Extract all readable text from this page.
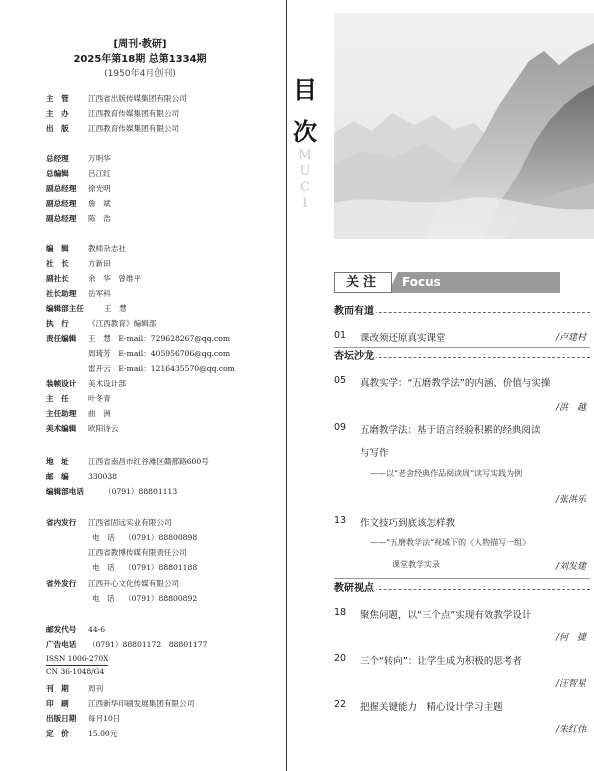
[周刊·教研]
2025年第18期 总第1334期
(1950年4月创刊)
主　管	江西省出版传媒集团有限公司
主　办	江西教育传媒集团有限公司
出　版	江西教育传媒集团有限公司
总经理	万明华
总编辑	吕江红
副总经理 徐光明
副总经理 詹　斌
副总经理 陈　浩
编　辑	教师杂志社
社　长	方新田
副社长	余　华　曾维平
社长助理 岳军科
编辑部主任	王　慧
执　行	《江西教育》编辑部
责任编辑 王　慧　E-mail：729628267@qq.com
周琦芳　E-mail：405956706@qq.com
雷开云　E-mail：1216435570@qq.com
装帧设计 美术设计部
主　任	叶冬青
主任助理 曲　洲
美术编辑 欧阳诗云
地　址	江西省南昌市红谷滩区赣都路600号
邮　编	330038
编辑部电话	（0791）88801113
省内发行 江西省固远实业有限公司
电　话 （0791）88800898
江西省教博传媒有限责任公司
电　话 （0791）88801188
省外发行 江西开心文化传媒有限公司
电　话 （0791）88800892
邮发代号 44-6
广告电话 （0791）88801172　88801177
ISSN 1006-270X
CN 36-1048/G4
刊　期	周刊
印　刷	江西新华印刷发展集团有限公司
出版日期 每月10日
定　价	15.00元
目
次
M
U
C
I
Focus
关注
教而有道
01	课改须还原真实课堂	/卢建村
杏坛沙龙
05	真教实学：“五磨教学法”的内涵、价值与实操
/洪　越
09	五磨教学法：基于语言经验积累的经典阅读
与写作
——以“老舍经典作品阅读周”读写实践为例
/张洪乐
13	作文技巧到底该怎样教
——“五磨教学法”视域下的《人物描写一组》
课堂教学实录	/刘发建
教研视点
18	聚焦问题，以“三个点”实现有效教学设计
/何　捷
20	三个“转向”：让学生成为积极的思考者
/汪智星
22	把握关键能力　精心设计学习主题
/朱红伟
